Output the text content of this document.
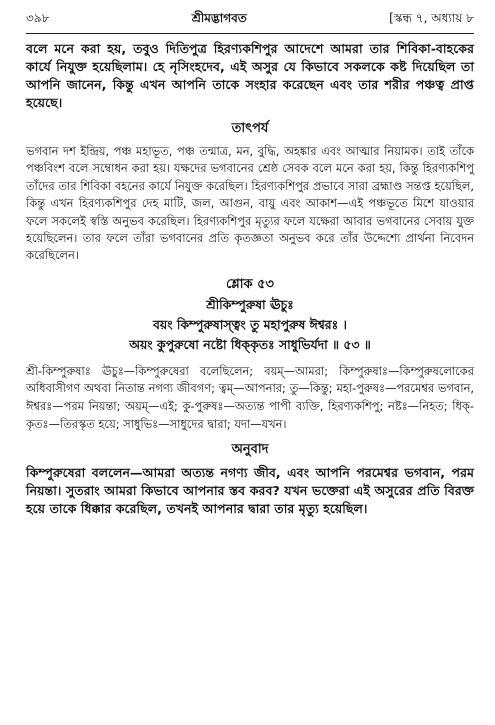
৩৯৮	শ্রীমদ্ভাগবত	[স্কন্ধ ৭, অধ্যায় ৮

বলে মনে করা হয়, তবুও দিতিপুত্র হিরণ্যকশিপুর আদেশে আমরা তার শিবিকা-বাহকের কার্যে নিযুক্ত হয়েছিলাম। হে নৃসিংহদেব, এই অসুর যে কিভাবে সকলকে কষ্ট দিয়েছিল তা আপনি জানেন, কিন্তু এখন আপনি তাকে সংহার করেছেন এবং তার শরীর পঞ্চত্ব প্রাপ্ত হয়েছে।

তাৎপর্য

ভগবান দশ ইন্দ্রিয়, পঞ্চ মহাভূত, পঞ্চ তন্মাত্র, মন, বুদ্ধি, অহঙ্কার এবং আত্মার নিয়ামক। তাই তাঁকে পঞ্চবিংশ বলে সম্বোধন করা হয়। যক্ষদের ভগবানের শ্রেষ্ঠ সেবক বলে মনে করা হয়, কিন্তু হিরণ্যকশিপু তাঁদের তার শিবিকা বহনের কার্যে নিযুক্ত করেছিল। হিরণ্যকশিপুর প্রভাবে সারা ব্রহ্মাণ্ড সন্তপ্ত হয়েছিল, কিন্তু এখন হিরণ্যকশিপুর দেহ মাটি, জল, আগুন, বায়ু এবং আকাশ—এই পঞ্চভূতে মিশে যাওয়ার ফলে সকলেই স্বস্তি অনুভব করেছিল। হিরণ্যকশিপুর মৃত্যুর ফলে যক্ষেরা আবার ভগবানের সেবায় যুক্ত হয়েছিলেন। তার ফলে তাঁরা ভগবানের প্রতি কৃতজ্ঞতা অনুভব করে তাঁর উদ্দেশ্যে প্রার্থনা নিবেদন করেছিলেন।

শ্লোক ৫৩
শ্রীকিম্পুরুষা ঊচুঃ
বয়ং কিম্পুরুষাস্ত্বং তু মহাপুরুষ ঈশ্বরঃ ।
অয়ং কুপুরুষো নষ্টো ধিক্‌কৃতঃ সাধুভির্যদা ॥ ৫৩ ॥

শ্রী-কিম্পুরুষাঃ ঊচুঃ—কিম্পুরুষেরা বলেছিলেন; বয়ম্—আমরা; কিম্পুরুষাঃ—কিম্পুরুষলোকের অধিবাসীগণ অথবা নিতান্ত নগণ্য জীবগণ; ত্বম্—আপনার; তু—কিন্তু; মহা-পুরুষঃ—পরমেশ্বর ভগবান, ঈশ্বরঃ—পরম নিয়ন্তা; অয়ম্—এই; কু-পুরুষঃ—অত্যন্ত পাপী ব্যক্তি, হিরণ্যকশিপু; নষ্টঃ—নিহত; ধিক্-কৃতঃ—তিরস্কৃত হয়ে; সাধুভিঃ—সাধুদের দ্বারা; যদা—যখন।

অনুবাদ

কিম্পুরুষেরা বললেন—আমরা অত্যন্ত নগণ্য জীব, এবং আপনি পরমেশ্বর ভগবান, পরম নিয়ন্তা। সুতরাং আমরা কিভাবে আপনার স্তব করব? যখন ভক্তেরা এই অসুরের প্রতি বিরক্ত হয়ে তাকে ধিক্কার করেছিল, তখনই আপনার দ্বারা তার মৃত্যু হয়েছিল।
